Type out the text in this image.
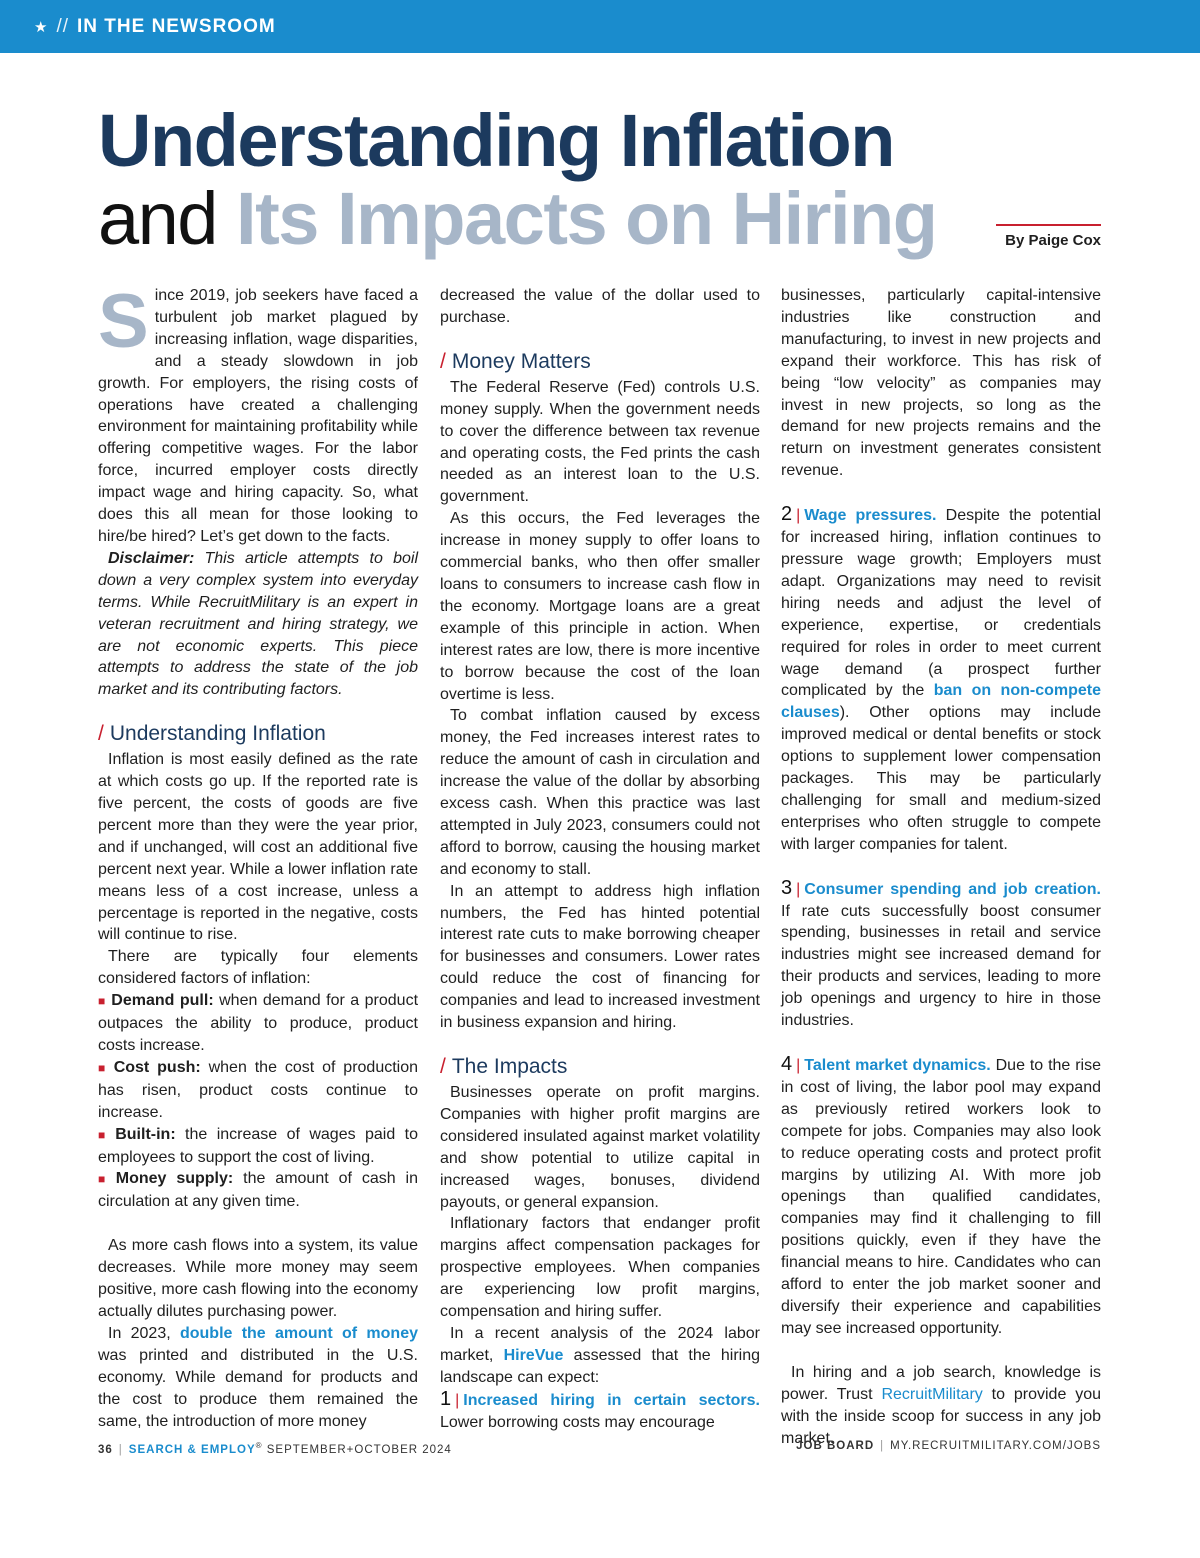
★ // IN THE NEWSROOM
Understanding Inflation
and Its Impacts on Hiring	By Paige Cox

Since 2019, job seekers have faced a turbulent job market plagued by increasing inflation, wage disparities, and a steady slowdown in job growth. For employers, the rising costs of operations have created a challenging environment for maintaining profitability while offering competitive wages. For the labor force, incurred employer costs directly impact wage and hiring capacity. So, what does this all mean for those looking to hire/be hired? Let’s get down to the facts.

Disclaimer: This article attempts to boil down a very complex system into everyday terms. While RecruitMilitary is an expert in veteran recruitment and hiring strategy, we are not economic experts. This piece attempts to address the state of the job market and its contributing factors.

/ Understanding Inflation

Inflation is most easily defined as the rate at which costs go up. If the reported rate is five percent, the costs of goods are five percent more than they were the year prior, and if unchanged, will cost an additional five percent next year. While a lower inflation rate means less of a cost increase, unless a percentage is reported in the negative, costs will continue to rise.

There are typically four elements considered factors of inflation:

■ Demand pull: when demand for a product outpaces the ability to produce, product costs increase.

■ Cost push: when the cost of production has risen, product costs continue to increase.

■ Built-in: the increase of wages paid to employees to support the cost of living.

■ Money supply: the amount of cash in circulation at any given time.

As more cash flows into a system, its value decreases. While more money may seem positive, more cash flowing into the economy actually dilutes purchasing power.

In 2023, double the amount of money was printed and distributed in the U.S. economy. While demand for products and the cost to produce them remained the same, the introduction of more money

decreased the value of the dollar used to purchase.

/ Money Matters

The Federal Reserve (Fed) controls U.S. money supply. When the government needs to cover the difference between tax revenue and operating costs, the Fed prints the cash needed as an interest loan to the U.S. government.

As this occurs, the Fed leverages the increase in money supply to offer loans to commercial banks, who then offer smaller loans to consumers to increase cash flow in the economy. Mortgage loans are a great example of this principle in action. When interest rates are low, there is more incentive to borrow because the cost of the loan overtime is less.

To combat inflation caused by excess money, the Fed increases interest rates to reduce the amount of cash in circulation and increase the value of the dollar by absorbing excess cash. When this practice was last attempted in July 2023, consumers could not afford to borrow, causing the housing market and economy to stall.

In an attempt to address high inflation numbers, the Fed has hinted potential interest rate cuts to make borrowing cheaper for businesses and consumers. Lower rates could reduce the cost of financing for companies and lead to increased investment in business expansion and hiring.

/ The Impacts

Businesses operate on profit margins. Companies with higher profit margins are considered insulated against market volatility and show potential to utilize capital in increased wages, bonuses, dividend payouts, or general expansion.

Inflationary factors that endanger profit margins affect compensation packages for prospective employees. When companies are experiencing low profit margins, compensation and hiring suffer.

In a recent analysis of the 2024 labor market, HireVue assessed that the hiring landscape can expect:

1 | Increased hiring in certain sectors. Lower borrowing costs may encourage

businesses, particularly capital-intensive industries like construction and manufacturing, to invest in new projects and expand their workforce. This has risk of being “low velocity” as companies may invest in new projects, so long as the demand for new projects remains and the return on investment generates consistent revenue.

2 | Wage pressures. Despite the potential for increased hiring, inflation continues to pressure wage growth; Employers must adapt. Organizations may need to revisit hiring needs and adjust the level of experience, expertise, or credentials required for roles in order to meet current wage demand (a prospect further complicated by the ban on non-compete clauses). Other options may include improved medical or dental benefits or stock options to supplement lower compensation packages. This may be particularly challenging for small and medium-sized enterprises who often struggle to compete with larger companies for talent.

3 | Consumer spending and job creation. If rate cuts successfully boost consumer spending, businesses in retail and service industries might see increased demand for their products and services, leading to more job openings and urgency to hire in those industries.

4 | Talent market dynamics. Due to the rise in cost of living, the labor pool may expand as previously retired workers look to compete for jobs. Companies may also look to reduce operating costs and protect profit margins by utilizing AI. With more job openings than qualified candidates, companies may find it challenging to fill positions quickly, even if they have the financial means to hire. Candidates who can afford to enter the job market sooner and diversify their experience and capabilities may see increased opportunity.

In hiring and a job search, knowledge is power. Trust RecruitMilitary to provide you with the inside scoop for success in any job market.

36 | SEARCH & EMPLOY® SEPTEMBER+OCTOBER 2024	JOB BOARD | MY.RECRUITMILITARY.COM/JOBS
